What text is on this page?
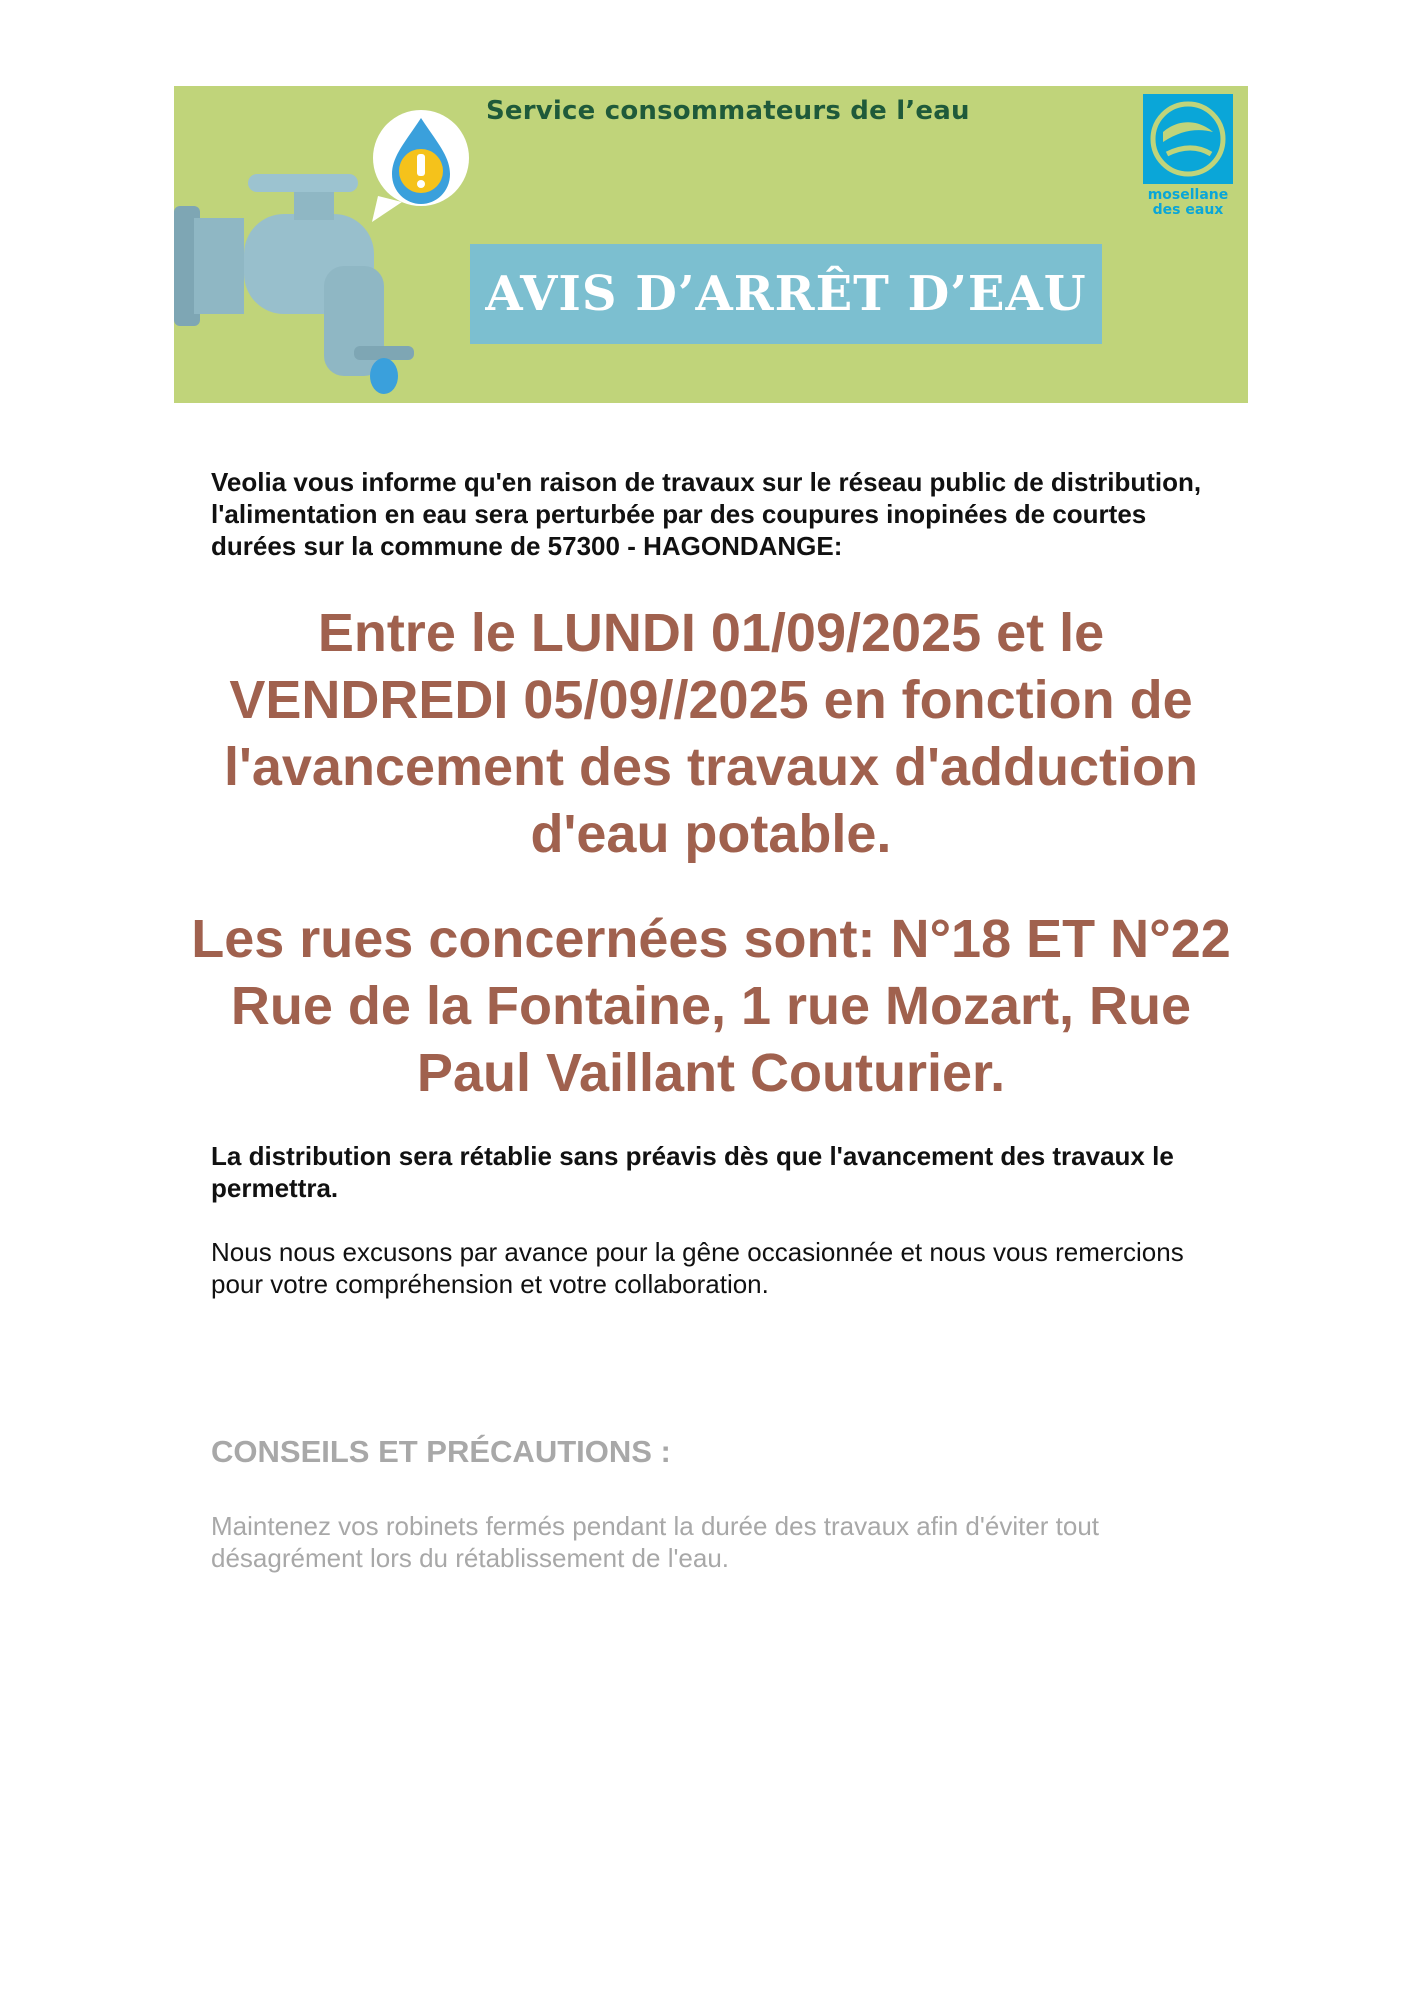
Service consommateurs de l’eau
AVIS D’ARRÊT D’EAU
mosellane
des eaux
Veolia vous informe qu'en raison de travaux sur le réseau public de distribution, l'alimentation en eau sera perturbée par des coupures inopinées de courtes durées sur la commune de 57300 - HAGONDANGE:
Entre le LUNDI 01/09/2025 et le VENDREDI 05/09//2025 en fonction de l'avancement des travaux d'adduction d'eau potable.
Les rues concernées sont: N°18 ET N°22 Rue de la Fontaine, 1 rue Mozart, Rue Paul Vaillant Couturier.
La distribution sera rétablie sans préavis dès que l'avancement des travaux le permettra.
Nous nous excusons par avance pour la gêne occasionnée et nous vous remercions pour votre compréhension et votre collaboration.
CONSEILS ET PRÉCAUTIONS :
Maintenez vos robinets fermés pendant la durée des travaux afin d'éviter tout désagrément lors du rétablissement de l'eau.
